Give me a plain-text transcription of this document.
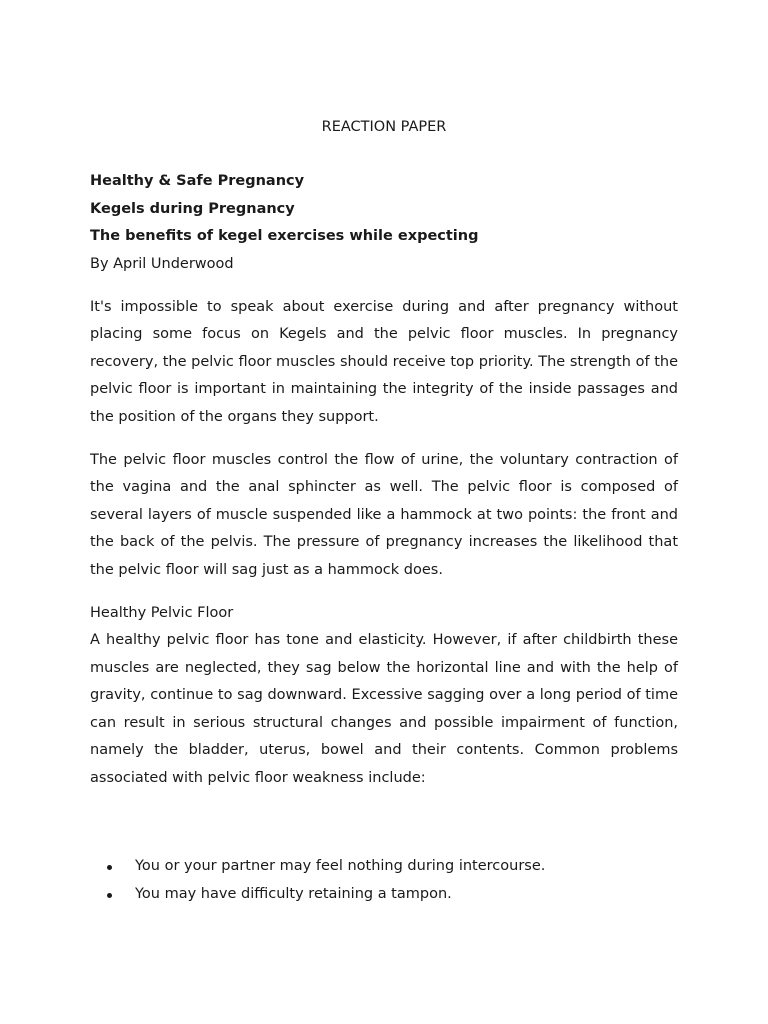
REACTION PAPER

Healthy & Safe Pregnancy

Kegels during Pregnancy

The benefits of kegel exercises while expecting

By April Underwood

It's impossible to speak about exercise during and after pregnancy without placing some focus on Kegels and the pelvic floor muscles. In pregnancy recovery, the pelvic floor muscles should receive top priority. The strength of the pelvic floor is important in maintaining the integrity of the inside passages and the position of the organs they support.

The pelvic floor muscles control the flow of urine, the voluntary contraction of the vagina and the anal sphincter as well. The pelvic floor is composed of several layers of muscle suspended like a hammock at two points: the front and the back of the pelvis. The pressure of pregnancy increases the likelihood that the pelvic floor will sag just as a hammock does.

Healthy Pelvic Floor

A healthy pelvic floor has tone and elasticity. However, if after childbirth these muscles are neglected, they sag below the horizontal line and with the help of gravity, continue to sag downward. Excessive sagging over a long period of time can result in serious structural changes and possible impairment of function, namely the bladder, uterus, bowel and their contents. Common problems associated with pelvic floor weakness include:

You or your partner may feel nothing during intercourse.
You may have difficulty retaining a tampon.
